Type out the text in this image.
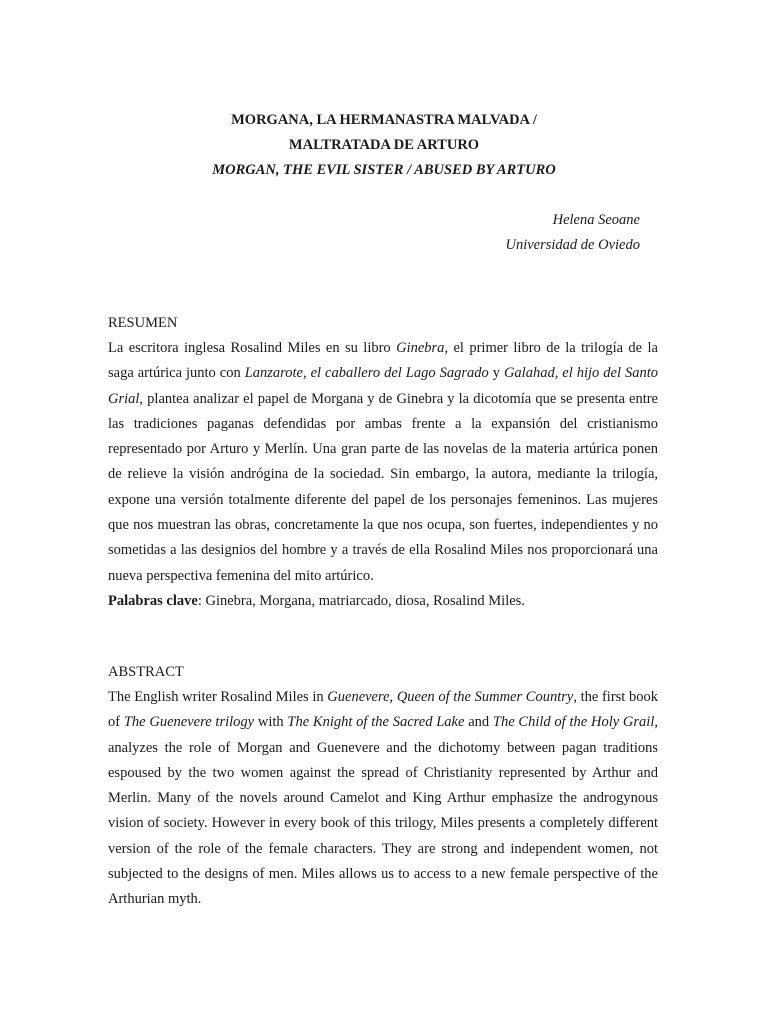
MORGANA, LA HERMANASTRA MALVADA /
MALTRATADA DE ARTURO
MORGAN, THE EVIL SISTER / ABUSED BY ARTURO
Helena Seoane
Universidad de Oviedo
RESUMEN

La escritora inglesa Rosalind Miles en su libro Ginebra, el primer libro de la trilogía de la saga artúrica junto con Lanzarote, el caballero del Lago Sagrado y Galahad, el hijo del Santo Grial, plantea analizar el papel de Morgana y de Ginebra y la dicotomía que se presenta entre las tradiciones paganas defendidas por ambas frente a la expansión del cristianismo representado por Arturo y Merlín. Una gran parte de las novelas de la materia artúrica ponen de relieve la visión andrógina de la sociedad. Sin embargo, la autora, mediante la trilogía, expone una versión totalmente diferente del papel de los personajes femeninos. Las mujeres que nos muestran las obras, concretamente la que nos ocupa, son fuertes, independientes y no sometidas a las designios del hombre y a través de ella Rosalind Miles nos proporcionará una nueva perspectiva femenina del mito artúrico.

Palabras clave: Ginebra, Morgana, matriarcado, diosa, Rosalind Miles.

ABSTRACT

The English writer Rosalind Miles in Guenevere, Queen of the Summer Country, the first book of The Guenevere trilogy with The Knight of the Sacred Lake and The Child of the Holy Grail, analyzes the role of Morgan and Guenevere and the dichotomy between pagan traditions espoused by the two women against the spread of Christianity represented by Arthur and Merlin. Many of the novels around Camelot and King Arthur emphasize the androgynous vision of society. However in every book of this trilogy, Miles presents a completely different version of the role of the female characters. They are strong and independent women, not subjected to the designs of men. Miles allows us to access to a new female perspective of the Arthurian myth.
